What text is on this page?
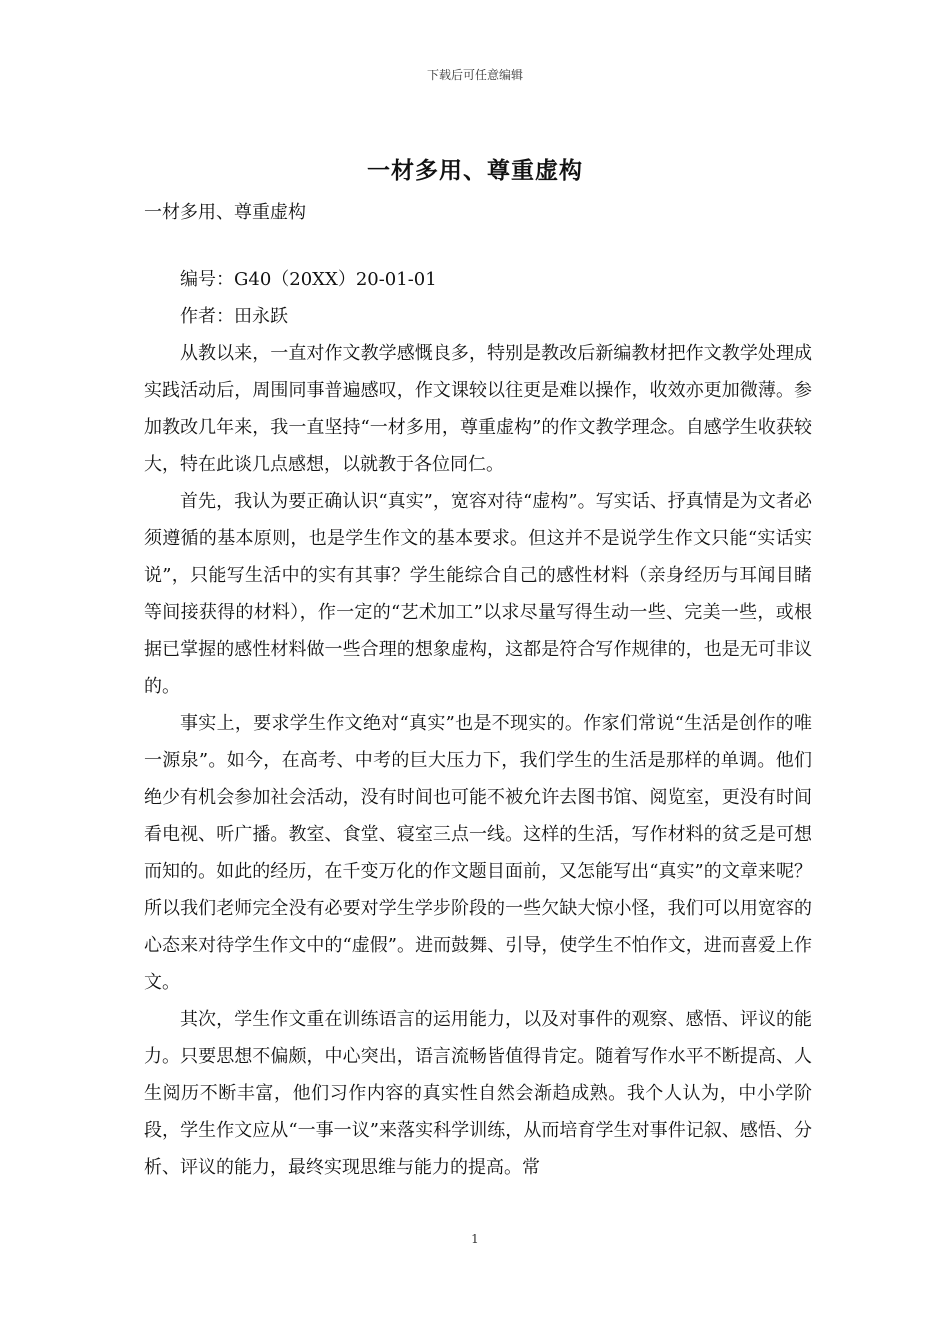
下载后可任意编辑
一材多用、尊重虚构

一材多用、尊重虚构

编号：G40（20XX）20-01-01

作者：田永跃

从教以来，一直对作文教学感慨良多，特别是教改后新编教材把作文教学处理成实践活动后，周围同事普遍感叹，作文课较以往更是难以操作，收效亦更加微薄。参加教改几年来，我一直坚持“一材多用，尊重虚构”的作文教学理念。自感学生收获较大，特在此谈几点感想，以就教于各位同仁。

首先，我认为要正确认识“真实”，宽容对待“虚构”。写实话、抒真情是为文者必须遵循的基本原则，也是学生作文的基本要求。但这并不是说学生作文只能“实话实说”，只能写生活中的实有其事？学生能综合自己的感性材料（亲身经历与耳闻目睹等间接获得的材料），作一定的“艺术加工”以求尽量写得生动一些、完美一些，或根据已掌握的感性材料做一些合理的想象虚构，这都是符合写作规律的，也是无可非议的。

事实上，要求学生作文绝对“真实”也是不现实的。作家们常说“生活是创作的唯一源泉”。如今，在高考、中考的巨大压力下，我们学生的生活是那样的单调。他们绝少有机会参加社会活动，没有时间也可能不被允许去图书馆、阅览室，更没有时间看电视、听广播。教室、食堂、寝室三点一线。这样的生活，写作材料的贫乏是可想而知的。如此的经历，在千变万化的作文题目面前，又怎能写出“真实”的文章来呢？所以我们老师完全没有必要对学生学步阶段的一些欠缺大惊小怪，我们可以用宽容的心态来对待学生作文中的“虚假”。进而鼓舞、引导，使学生不怕作文，进而喜爱上作文。

其次，学生作文重在训练语言的运用能力，以及对事件的观察、感悟、评议的能力。只要思想不偏颇，中心突出，语言流畅皆值得肯定。随着写作水平不断提高、人生阅历不断丰富，他们习作内容的真实性自然会渐趋成熟。我个人认为，中小学阶段，学生作文应从“一事一议”来落实科学训练，从而培育学生对事件记叙、感悟、分析、评议的能力，最终实现思维与能力的提高。常

1
